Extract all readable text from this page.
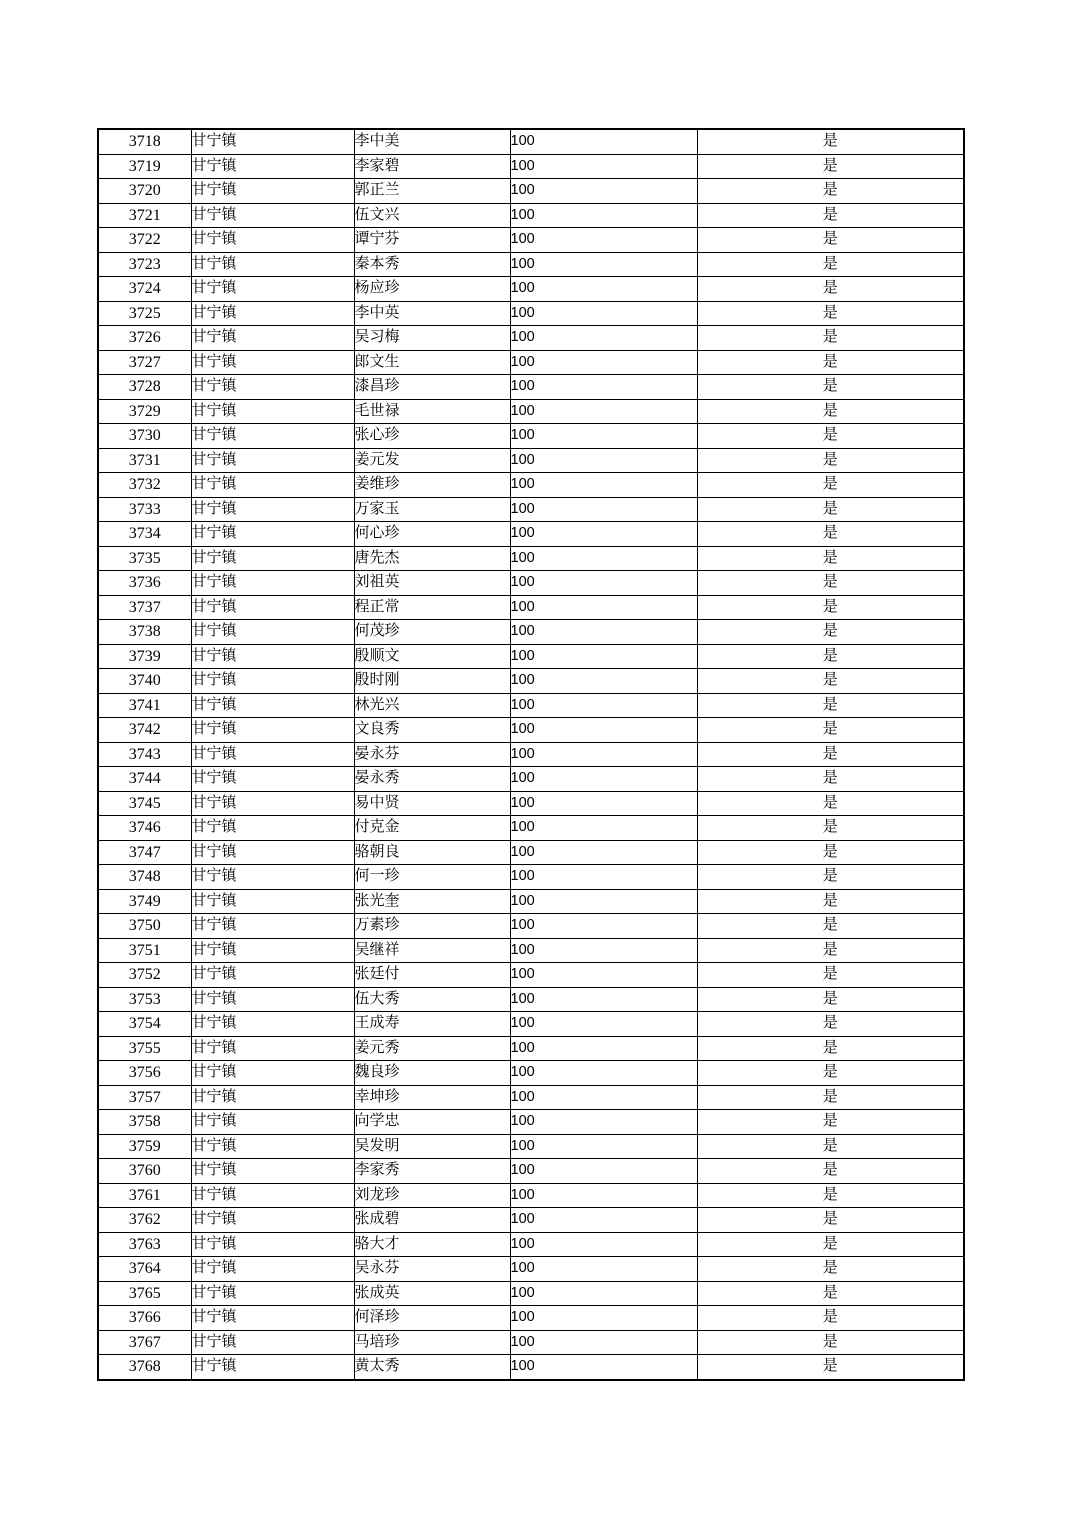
3718	甘宁镇	李中美	100	是
3719	甘宁镇	李家碧	100	是
3720	甘宁镇	郭正兰	100	是
3721	甘宁镇	伍文兴	100	是
3722	甘宁镇	谭宁芬	100	是
3723	甘宁镇	秦本秀	100	是
3724	甘宁镇	杨应珍	100	是
3725	甘宁镇	李中英	100	是
3726	甘宁镇	吴习梅	100	是
3727	甘宁镇	郎文生	100	是
3728	甘宁镇	漆昌珍	100	是
3729	甘宁镇	毛世禄	100	是
3730	甘宁镇	张心珍	100	是
3731	甘宁镇	姜元发	100	是
3732	甘宁镇	姜维珍	100	是
3733	甘宁镇	万家玉	100	是
3734	甘宁镇	何心珍	100	是
3735	甘宁镇	唐先杰	100	是
3736	甘宁镇	刘祖英	100	是
3737	甘宁镇	程正常	100	是
3738	甘宁镇	何茂珍	100	是
3739	甘宁镇	殷顺文	100	是
3740	甘宁镇	殷时刚	100	是
3741	甘宁镇	林光兴	100	是
3742	甘宁镇	文良秀	100	是
3743	甘宁镇	晏永芬	100	是
3744	甘宁镇	晏永秀	100	是
3745	甘宁镇	易中贤	100	是
3746	甘宁镇	付克金	100	是
3747	甘宁镇	骆朝良	100	是
3748	甘宁镇	何一珍	100	是
3749	甘宁镇	张光奎	100	是
3750	甘宁镇	万素珍	100	是
3751	甘宁镇	吴继祥	100	是
3752	甘宁镇	张廷付	100	是
3753	甘宁镇	伍大秀	100	是
3754	甘宁镇	王成寿	100	是
3755	甘宁镇	姜元秀	100	是
3756	甘宁镇	魏良珍	100	是
3757	甘宁镇	幸坤珍	100	是
3758	甘宁镇	向学忠	100	是
3759	甘宁镇	吴发明	100	是
3760	甘宁镇	李家秀	100	是
3761	甘宁镇	刘龙珍	100	是
3762	甘宁镇	张成碧	100	是
3763	甘宁镇	骆大才	100	是
3764	甘宁镇	吴永芬	100	是
3765	甘宁镇	张成英	100	是
3766	甘宁镇	何泽珍	100	是
3767	甘宁镇	马培珍	100	是
3768	甘宁镇	黄太秀	100	是
